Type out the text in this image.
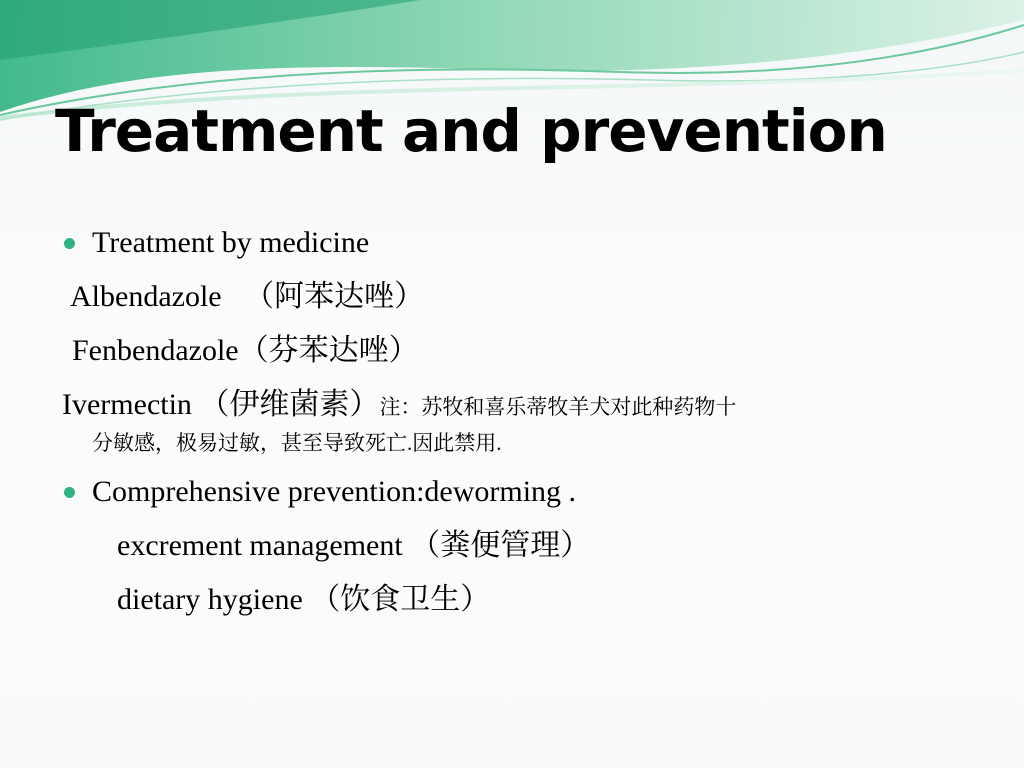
Treatment and prevention
Treatment by medicine
Albendazole 　（阿苯达唑）
Fenbendazole（芬苯达唑）
Ivermectin （伊维菌素）注：苏牧和喜乐蒂牧羊犬对此种药物十
分敏感，极易过敏，甚至导致死亡.因此禁用.
Comprehensive prevention:deworming .
excrement management （粪便管理）
dietary hygiene （饮食卫生）
